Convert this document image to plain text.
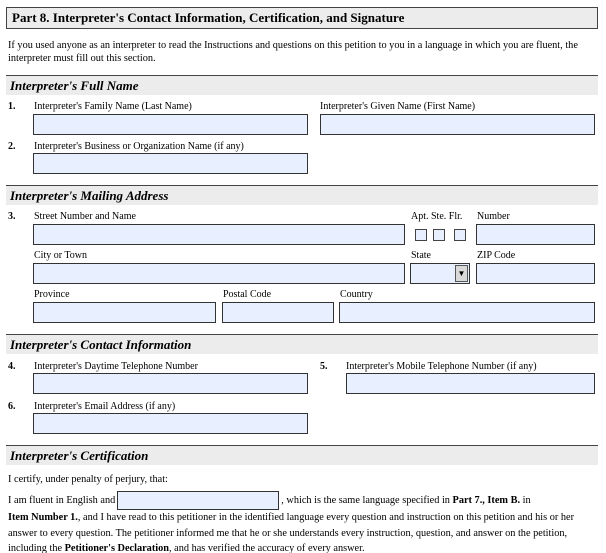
Part 8. Interpreter's Contact Information, Certification, and Signature
If you used anyone as an interpreter to read the Instructions and questions on this petition to you in a language in which you are fluent, the interpreter must fill out this section.
Interpreter's Full Name
1. Interpreter's Family Name (Last Name)	Interpreter's Given Name (First Name)
2. Interpreter's Business or Organization Name (if any)
Interpreter's Mailing Address
3. Street Number and Name	Apt. Ste. Flr. Number
City or Town	State	ZIP Code
▼
Province	Postal Code	Country
Interpreter's Contact Information
4. Interpreter's Daytime Telephone Number	5. Interpreter's Mobile Telephone Number (if any)
6. Interpreter's Email Address (if any)
Interpreter's Certification
I certify, under penalty of perjury, that:
I am fluent in English and	, which is the same language specified in Part 7., Item B. in
Item Number 1., and I have read to this petitioner in the identified language every question and instruction on this petition and his or her answer to every question. The petitioner informed me that he or she understands every instruction, question, and answer on the petition, including the Petitioner's Declaration, and has verified the accuracy of every answer.
